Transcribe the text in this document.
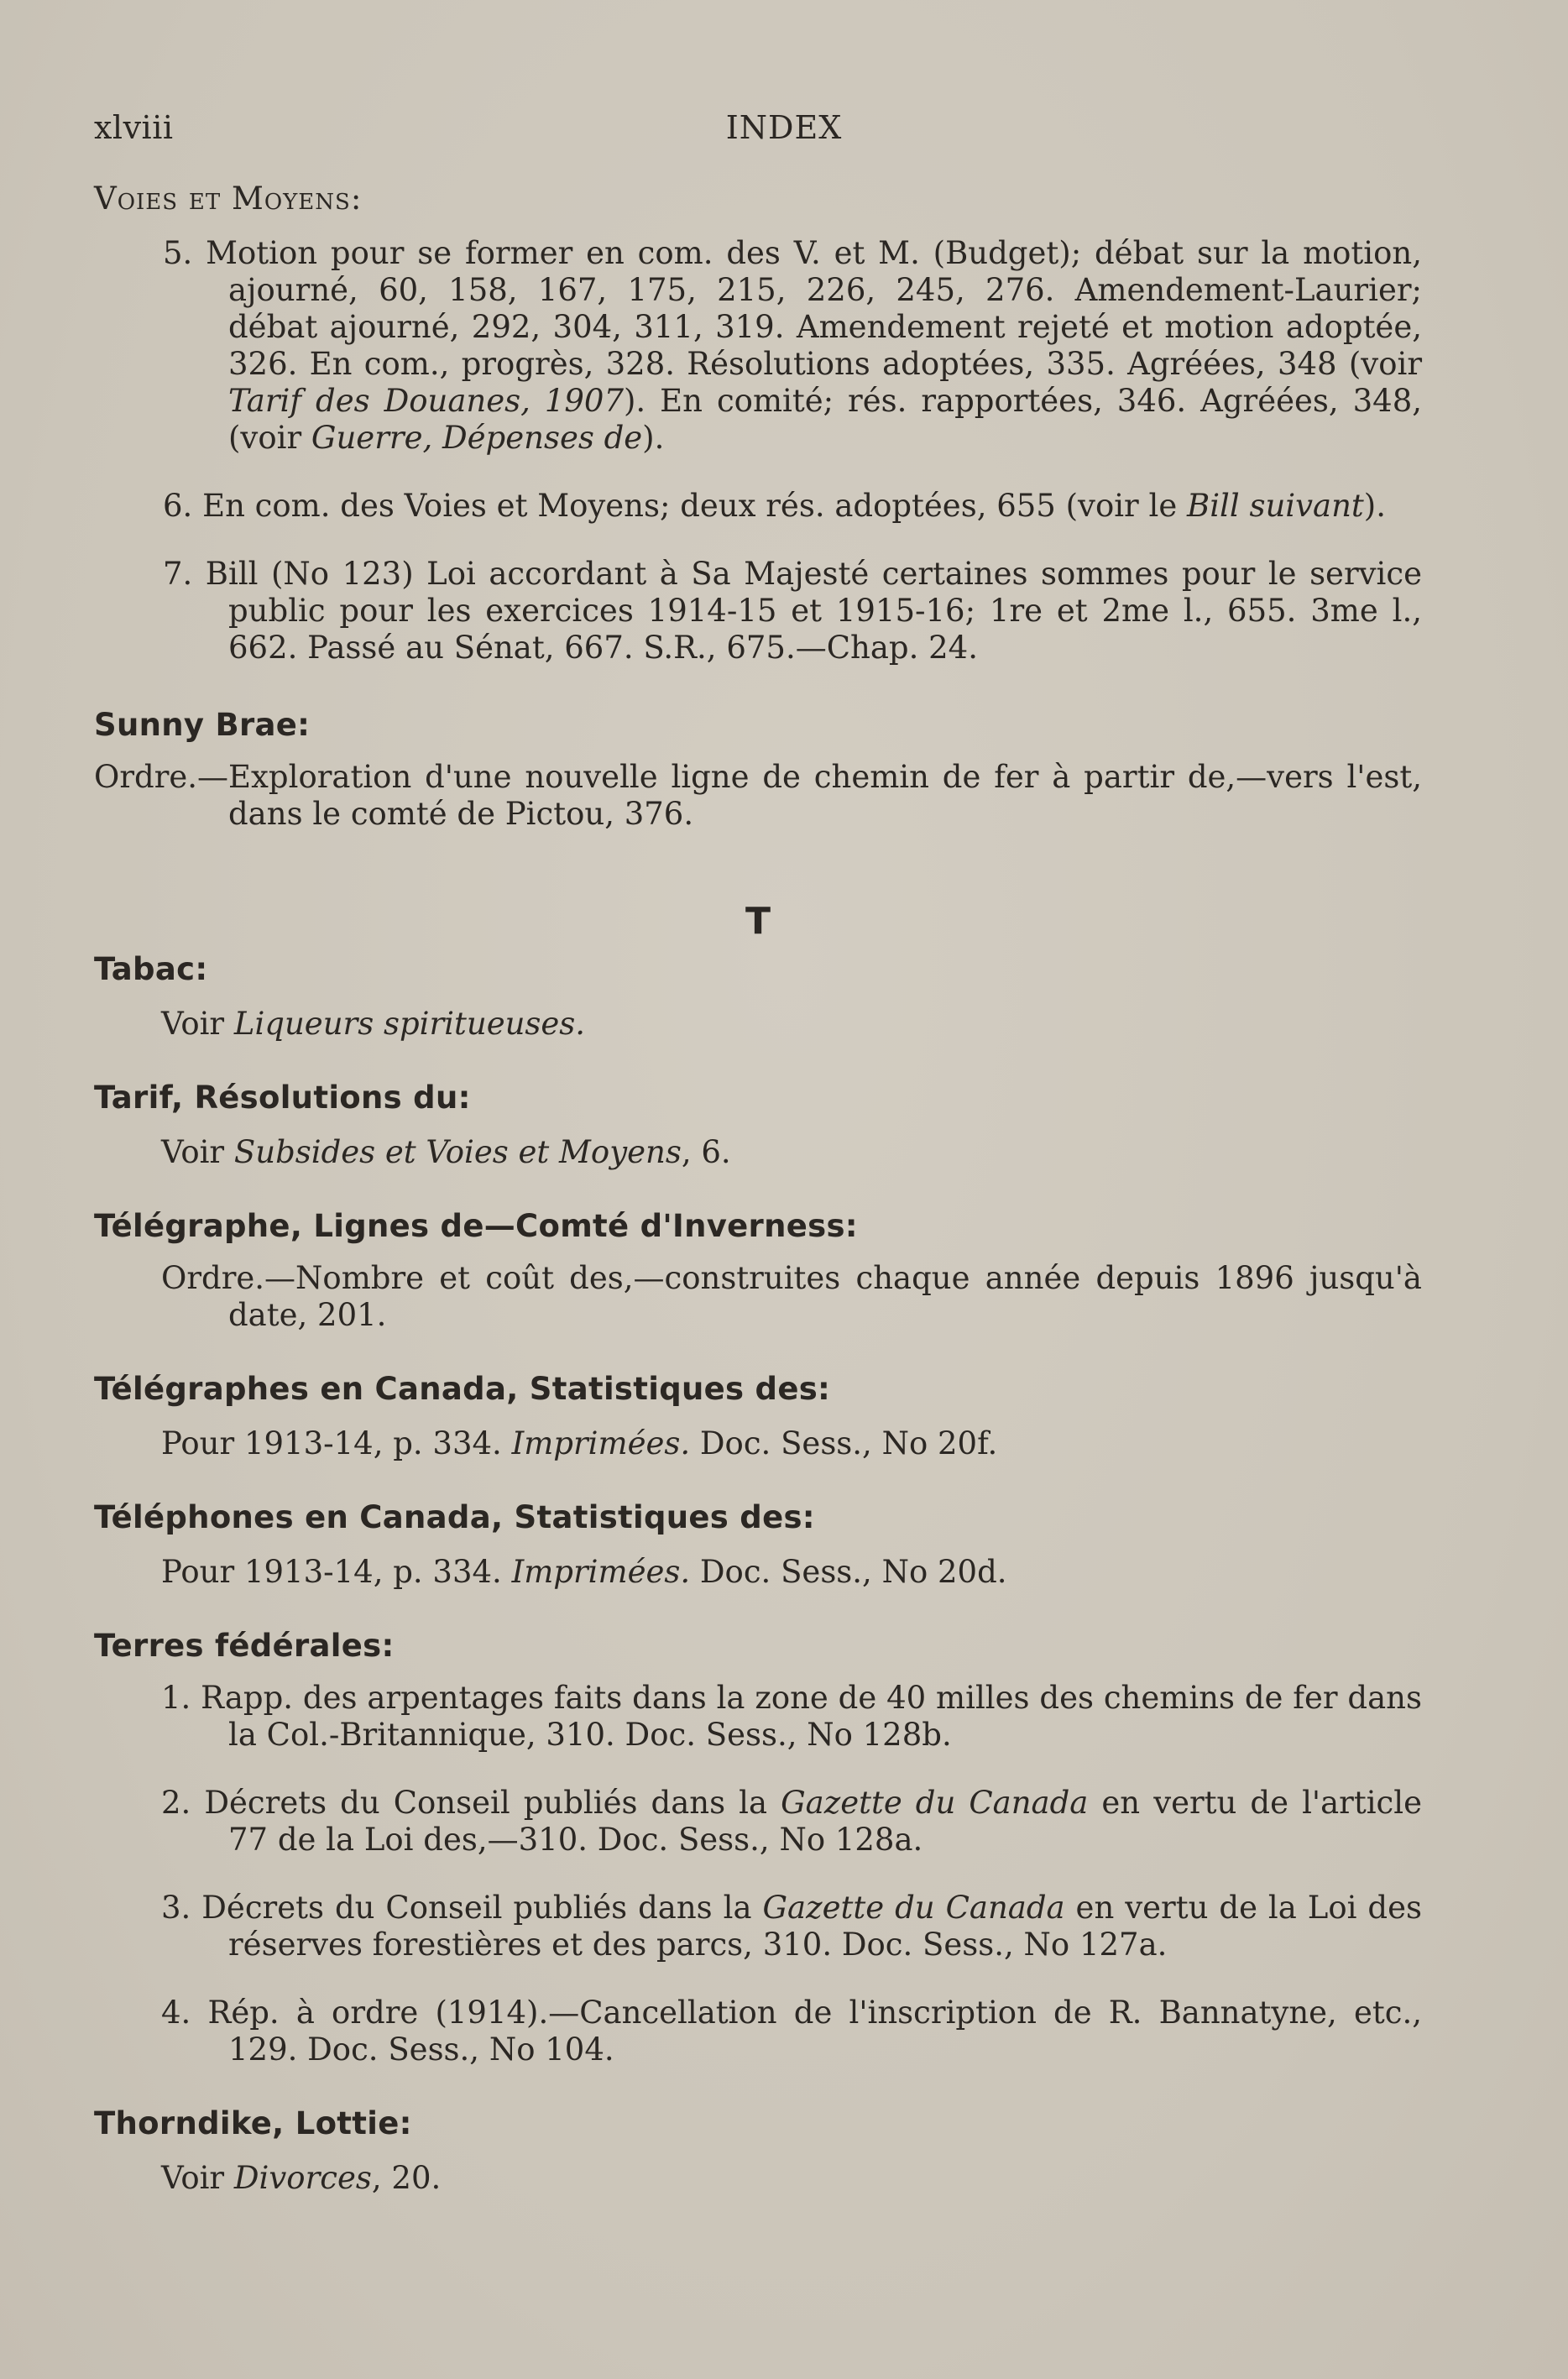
xlviii	INDEX
Voies et Moyens:

5. Motion pour se former en com. des V. et M. (Budget); débat sur la motion, ajourné, 60, 158, 167, 175, 215, 226, 245, 276. Amendement-Laurier; débat ajourné, 292, 304, 311, 319. Amendement rejeté et motion adoptée, 326. En com., progrès, 328. Résolutions adoptées, 335. Agréées, 348 (voir Tarif des Douanes, 1907). En comité; rés. rapportées, 346. Agréées, 348, (voir Guerre, Dépenses de).

6. En com. des Voies et Moyens; deux rés. adoptées, 655 (voir le Bill suivant).

7. Bill (No 123) Loi accordant à Sa Majesté certaines sommes pour le service public pour les exercices 1914-15 et 1915-16; 1re et 2me l., 655. 3me l., 662. Passé au Sénat, 667. S.R., 675.—Chap. 24.

Sunny Brae:

Ordre.—Exploration d'une nouvelle ligne de chemin de fer à partir de,—vers l'est, dans le comté de Pictou, 376.

T
Tabac:

Voir Liqueurs spiritueuses.

Tarif, Résolutions du:

Voir Subsides et Voies et Moyens, 6.

Télégraphe, Lignes de—Comté d'Inverness:

Ordre.—Nombre et coût des,—construites chaque année depuis 1896 jusqu'à date, 201.

Télégraphes en Canada, Statistiques des:

Pour 1913-14, p. 334. Imprimées. Doc. Sess., No 20f.

Téléphones en Canada, Statistiques des:

Pour 1913-14, p. 334. Imprimées. Doc. Sess., No 20d.

Terres fédérales:

1. Rapp. des arpentages faits dans la zone de 40 milles des chemins de fer dans la Col.-Britannique, 310. Doc. Sess., No 128b.

2. Décrets du Conseil publiés dans la Gazette du Canada en vertu de l'article 77 de la Loi des,—310. Doc. Sess., No 128a.

3. Décrets du Conseil publiés dans la Gazette du Canada en vertu de la Loi des réserves forestières et des parcs, 310. Doc. Sess., No 127a.

4. Rép. à ordre (1914).—Cancellation de l'inscription de R. Bannatyne, etc., 129. Doc. Sess., No 104.

Thorndike, Lottie:

Voir Divorces, 20.
